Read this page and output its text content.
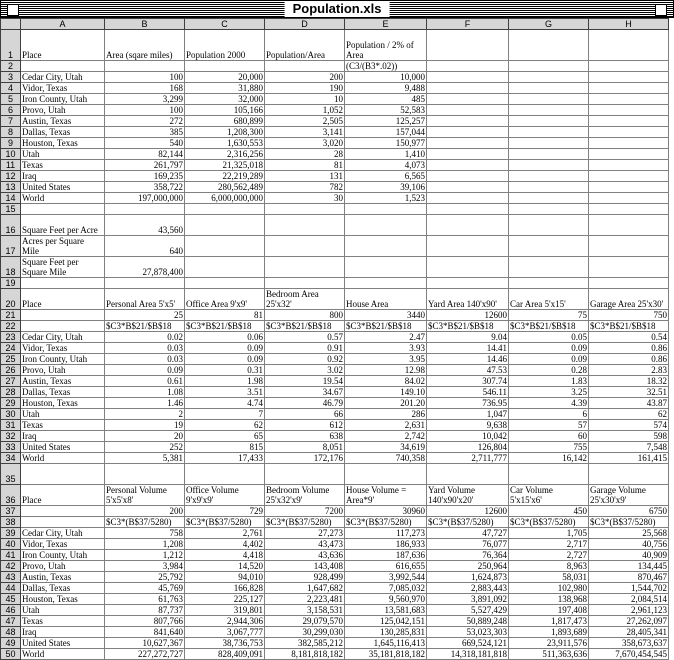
Population.xls
	A	B	C	D	E	F	G	H
1	Place	Area (sqare miles)	Population 2000	Population/Area	Population / 2% of Area			
2					(C3/(B3*.02))			
3	Cedar City, Utah	100	20,000	200	10,000			
4	Vidor, Texas	168	31,880	190	9,488			
5	Iron County, Utah	3,299	32,000	10	485			
6	Provo, Utah	100	105,166	1,052	52,583			
7	Austin, Texas	272	680,899	2,505	125,257			
8	Dallas, Texas	385	1,208,300	3,141	157,044			
9	Houston, Texas	540	1,630,553	3,020	150,977			
10	Utah	82,144	2,316,256	28	1,410			
11	Texas	261,797	21,325,018	81	4,073			
12	Iraq	169,235	22,219,289	131	6,565			
13	United States	358,722	280,562,489	782	39,106			
14	World	197,000,000	6,000,000,000	30	1,523			
15								
16	Square Feet per Acre	43,560						
17	Acres per Square Mile	640						
18	Square Feet per Square Mile	27,878,400						
19								
20	Place	Personal Area 5'x5'	Office Area 9'x9'	Bedroom Area 25'x32'	House Area	Yard Area 140'x90'	Car Area 5'x15'	Garage Area 25'x30'
21		25	81	800	3440	12600	75	750
22		$C3*B$21/$B$18	$C3*B$21/$B$18	$C3*B$21/$B$18	$C3*B$21/$B$18	$C3*B$21/$B$18	$C3*B$21/$B$18	$C3*B$21/$B$18
23	Cedar City, Utah	0.02	0.06	0.57	2.47	9.04	0.05	0.54
24	Vidor, Texas	0.03	0.09	0.91	3.93	14.41	0.09	0.86
25	Iron County, Utah	0.03	0.09	0.92	3.95	14.46	0.09	0.86
26	Provo, Utah	0.09	0.31	3.02	12.98	47.53	0.28	2.83
27	Austin, Texas	0.61	1.98	19.54	84.02	307.74	1.83	18.32
28	Dallas, Texas	1.08	3.51	34.67	149.10	546.11	3.25	32.51
29	Houston, Texas	1.46	4.74	46.79	201.20	736.95	4.39	43.87
30	Utah	2	7	66	286	1,047	6	62
31	Texas	19	62	612	2,631	9,638	57	574
32	Iraq	20	65	638	2,742	10,042	60	598
33	United States	252	815	8,051	34,619	126,804	755	7,548
34	World	5,381	17,433	172,176	740,358	2,711,777	16,142	161,415
35								
36	Place	Personal Volume 5'x5'x8'	Office Volume 9'x9'x9'	Bedroom Volume 25'x32'x9'	House Volume = Area*9'	Yard Volume 140'x90'x20'	Car Volume 5'x15'x6'	Garage Volume 25'x30'x9'
37		200	729	7200	30960	12600	450	6750
38		$C3*(B$37/5280)	$C3*(B$37/5280)	$C3*(B$37/5280)	$C3*(B$37/5280)	$C3*(B$37/5280)	$C3*(B$37/5280)	$C3*(B$37/5280)
39	Cedar City, Utah	758	2,761	27,273	117,273	47,727	1,705	25,568
40	Vidor, Texas	1,208	4,402	43,473	186,933	76,077	2,717	40,756
41	Iron County, Utah	1,212	4,418	43,636	187,636	76,364	2,727	40,909
42	Provo, Utah	3,984	14,520	143,408	616,655	250,964	8,963	134,445
43	Austin, Texas	25,792	94,010	928,499	3,992,544	1,624,873	58,031	870,467
44	Dallas, Texas	45,769	166,828	1,647,682	7,085,032	2,883,443	102,980	1,544,702
45	Houston, Texas	61,763	225,127	2,223,481	9,560,970	3,891,092	138,968	2,084,514
46	Utah	87,737	319,801	3,158,531	13,581,683	5,527,429	197,408	2,961,123
47	Texas	807,766	2,944,306	29,079,570	125,042,151	50,889,248	1,817,473	27,262,097
48	Iraq	841,640	3,067,777	30,299,030	130,285,831	53,023,303	1,893,689	28,405,341
49	United States	10,627,367	38,736,753	382,585,212	1,645,116,413	669,524,121	23,911,576	358,673,637
50	World	227,272,727	828,409,091	8,181,818,182	35,181,818,182	14,318,181,818	511,363,636	7,670,454,545
